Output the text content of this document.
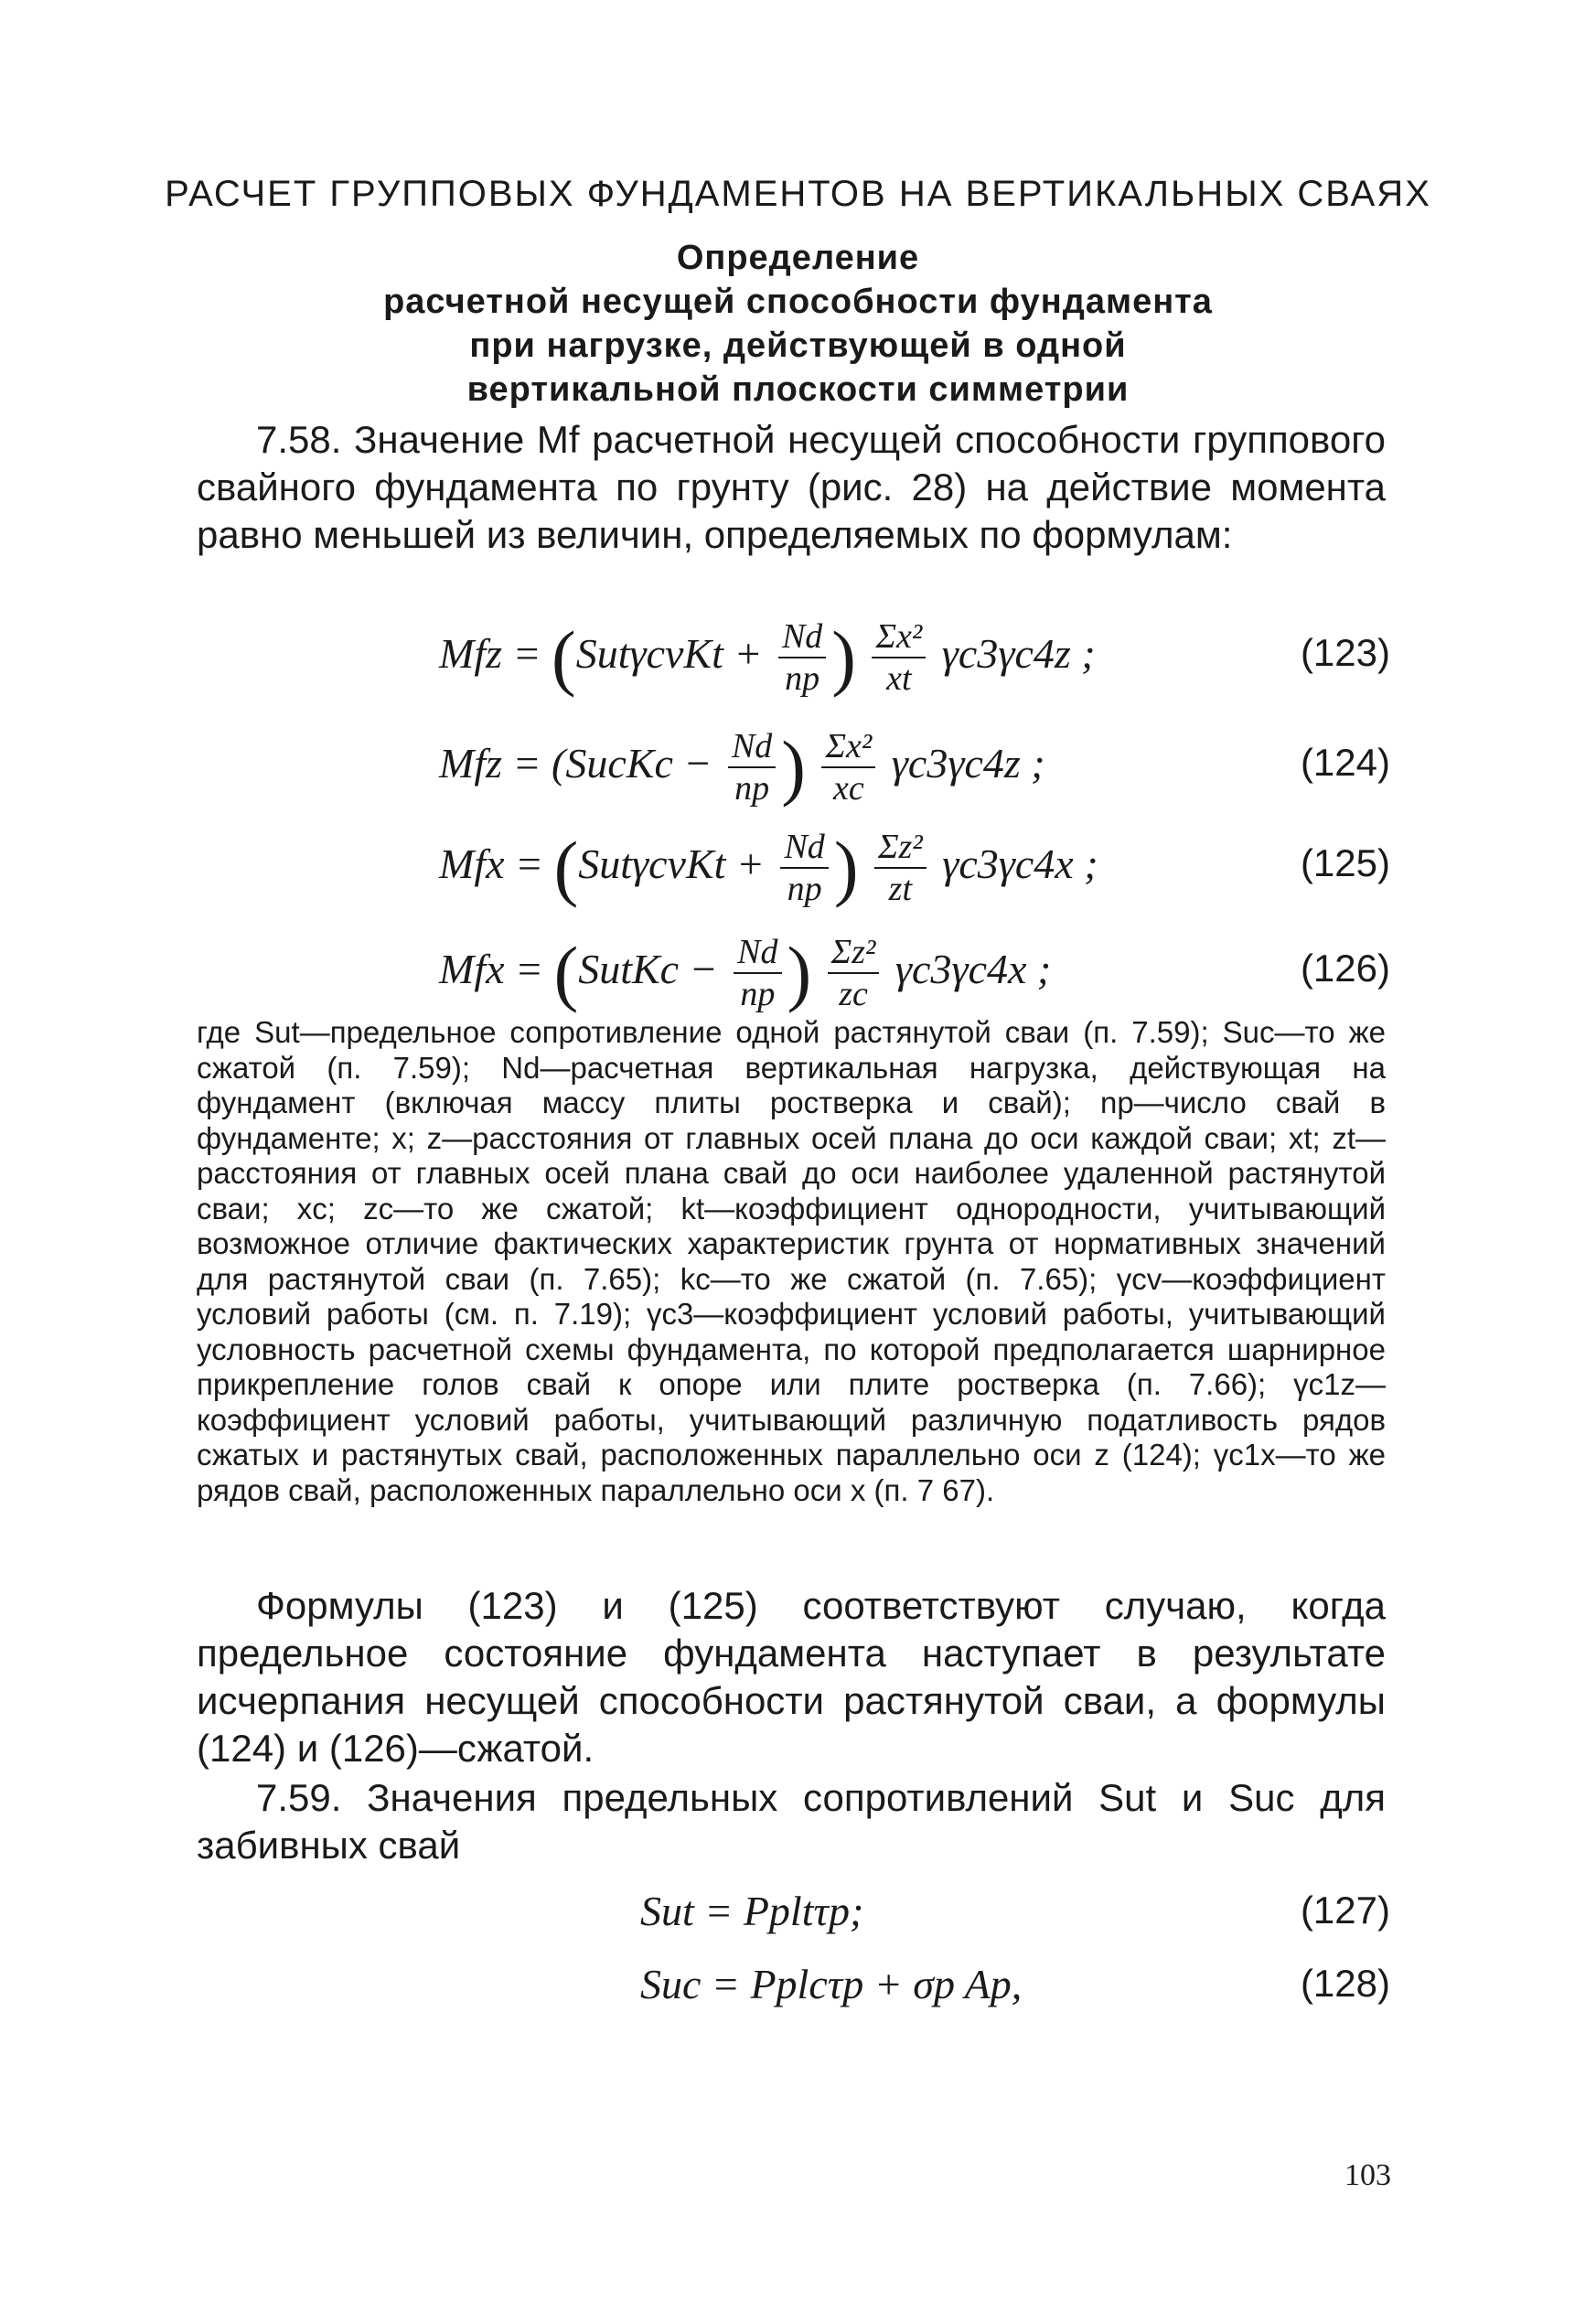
РАСЧЕТ ГРУППОВЫХ ФУНДАМЕНТОВ НА ВЕРТИКАЛЬНЫХ СВАЯХ
Определение
расчетной несущей способности фундамента
при нагрузке, действующей в одной
вертикальной плоскости симметрии
7.58. Значение Mf расчетной несущей способности группового свайного фундамента по грунту (рис. 28) на действие момента равно меньшей из величин, определяемых по формулам:
Mfz = (SutγcvKt + $\frac{Nd}{np}$ ) $\frac{\text{Σx²}}{xt} \gamma c3\gamma c4z$ ;	(123)
Mfz = (SucKc − $\frac{Nd}{np}$ ) $\frac{\text{Σx²}}{xc} \gamma c3\gamma c4z$ ;	(124)
Mfx = (SutγcvKt + $\frac{Nd}{np}$ ) $\frac{\text{Σz²}}{zt} \gamma c3\gamma c4x$ ;	(125)
Mfx = (SutKc − $\frac{Nd}{np}$ ) $\frac{\text{Σz²}}{zc} \gamma c3\gamma c4x$ ;	(126)
где Sut—предельное сопротивление одной растянутой сваи (п. 7.59); Suc—то же сжатой (п. 7.59); Nd—расчетная вертикальная нагрузка, действующая на фундамент (включая массу плиты ростверка и свай); np—число свай в фундаменте; x; z—расстояния от главных осей плана до оси каждой сваи; xt; zt—расстояния от главных осей плана свай до оси наиболее удаленной растянутой сваи; xc; zc—то же сжатой; kt—коэффициент однородности, учитывающий возможное отличие фактических характеристик грунта от нормативных значений для растянутой сваи (п. 7.65); kc—то же сжатой (п. 7.65); γcv—коэффициент условий работы (см. п. 7.19); γc3—коэффициент условий работы, учитывающий условность расчетной схемы фундамента, по которой предполагается шарнирное прикрепление голов свай к опоре или плите ростверка (п. 7.66); γc1z—коэффициент условий работы, учитывающий различную податливость рядов сжатых и растянутых свай, расположенных параллельно оси z (124); γc1x—то же рядов свай, расположенных параллельно оси x (п. 7 67).
Формулы (123) и (125) соответствуют случаю, когда предельное состояние фундамента наступает в результате исчерпания несущей способности растянутой сваи, а формулы (124) и (126)—сжатой.
7.59. Значения предельных сопротивлений Sut и Suc для забивных свай
Sut = Ppltτp;	(127)
Suc = Pplcτp + σp Ap,	(128)
103
